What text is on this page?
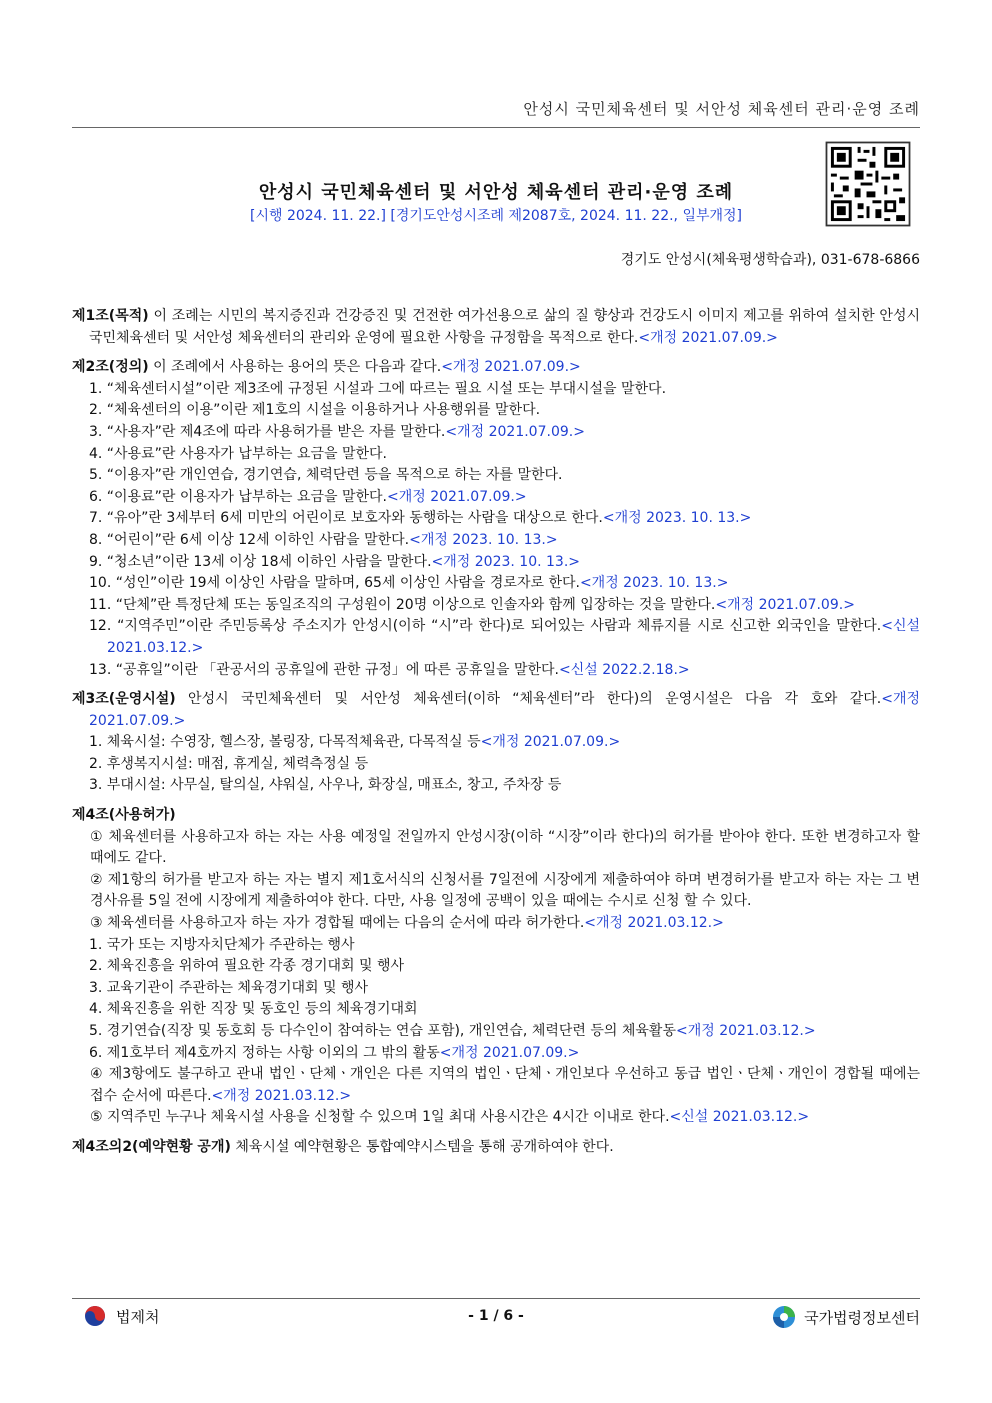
안성시 국민체육센터 및 서안성 체육센터 관리·운영 조례
안성시 국민체육센터 및 서안성 체육센터 관리·운영 조례
[시행 2024. 11. 22.] [경기도안성시조례 제2087호, 2024. 11. 22., 일부개정]
경기도 안성시(체육평생학습과), 031-678-6866

제1조(목적) 이 조례는 시민의 복지증진과 건강증진 및 건전한 여가선용으로 삶의 질 향상과 건강도시 이미지 제고를 위하여 설치한 안성시 국민체육센터 및 서안성 체육센터의 관리와 운영에 필요한 사항을 규정함을 목적으로 한다.<개정 2021.07.09.>

제2조(정의) 이 조례에서 사용하는 용어의 뜻은 다음과 같다.<개정 2021.07.09.>

1. “체육센터시설”이란 제3조에 규정된 시설과 그에 따르는 필요 시설 또는 부대시설을 말한다.

2. “체육센터의 이용”이란 제1호의 시설을 이용하거나 사용행위를 말한다.

3. “사용자”란 제4조에 따라 사용허가를 받은 자를 말한다.<개정 2021.07.09.>

4. “사용료”란 사용자가 납부하는 요금을 말한다.

5. “이용자”란 개인연습, 경기연습, 체력단련 등을 목적으로 하는 자를 말한다.

6. “이용료”란 이용자가 납부하는 요금을 말한다.<개정 2021.07.09.>

7. “유아”란 3세부터 6세 미만의 어린이로 보호자와 동행하는 사람을 대상으로 한다.<개정 2023. 10. 13.>

8. “어린이”란 6세 이상 12세 이하인 사람을 말한다.<개정 2023. 10. 13.>

9. “청소년”이란 13세 이상 18세 이하인 사람을 말한다.<개정 2023. 10. 13.>

10. “성인”이란 19세 이상인 사람을 말하며, 65세 이상인 사람을 경로자로 한다.<개정 2023. 10. 13.>

11. “단체”란 특정단체 또는 동일조직의 구성원이 20명 이상으로 인솔자와 함께 입장하는 것을 말한다.<개정 2021.07.09.>

12. “지역주민”이란 주민등록상 주소지가 안성시(이하 “시”라 한다)로 되어있는 사람과 체류지를 시로 신고한 외국인을 말한다.<신설 2021.03.12.>

13. “공휴일”이란 「관공서의 공휴일에 관한 규정」에 따른 공휴일을 말한다.<신설 2022.2.18.>

제3조(운영시설) 안성시 국민체육센터 및 서안성 체육센터(이하 “체육센터”라 한다)의 운영시설은 다음 각 호와 같다.<개정 2021.07.09.>

1. 체육시설: 수영장, 헬스장, 볼링장, 다목적체육관, 다목적실 등<개정 2021.07.09.>

2. 후생복지시설: 매점, 휴게실, 체력측정실 등

3. 부대시설: 사무실, 탈의실, 샤워실, 사우나, 화장실, 매표소, 창고, 주차장 등

제4조(사용허가)

① 체육센터를 사용하고자 하는 자는 사용 예정일 전일까지 안성시장(이하 “시장”이라 한다)의 허가를 받아야 한다. 또한 변경하고자 할 때에도 같다.

② 제1항의 허가를 받고자 하는 자는 별지 제1호서식의 신청서를 7일전에 시장에게 제출하여야 하며 변경허가를 받고자 하는 자는 그 변경사유를 5일 전에 시장에게 제출하여야 한다. 다만, 사용 일정에 공백이 있을 때에는 수시로 신청 할 수 있다.

③ 체육센터를 사용하고자 하는 자가 경합될 때에는 다음의 순서에 따라 허가한다.<개정 2021.03.12.>

1. 국가 또는 지방자치단체가 주관하는 행사

2. 체육진흥을 위하여 필요한 각종 경기대회 및 행사

3. 교육기관이 주관하는 체육경기대회 및 행사

4. 체육진흥을 위한 직장 및 동호인 등의 체육경기대회

5. 경기연습(직장 및 동호회 등 다수인이 참여하는 연습 포함), 개인연습, 체력단련 등의 체육활동<개정 2021.03.12.>

6. 제1호부터 제4호까지 정하는 사항 이외의 그 밖의 활동<개정 2021.07.09.>

④ 제3항에도 불구하고 관내 법인ㆍ단체ㆍ개인은 다른 지역의 법인ㆍ단체ㆍ개인보다 우선하고 동급 법인ㆍ단체ㆍ개인이 경합될 때에는 접수 순서에 따른다.<개정 2021.03.12.>

⑤ 지역주민 누구나 체육시설 사용을 신청할 수 있으며 1일 최대 사용시간은 4시간 이내로 한다.<신설 2021.03.12.>

제4조의2(예약현황 공개) 체육시설 예약현황은 통합예약시스템을 통해 공개하여야 한다.

법제처	- 1 / 6 -	국가법령정보센터
